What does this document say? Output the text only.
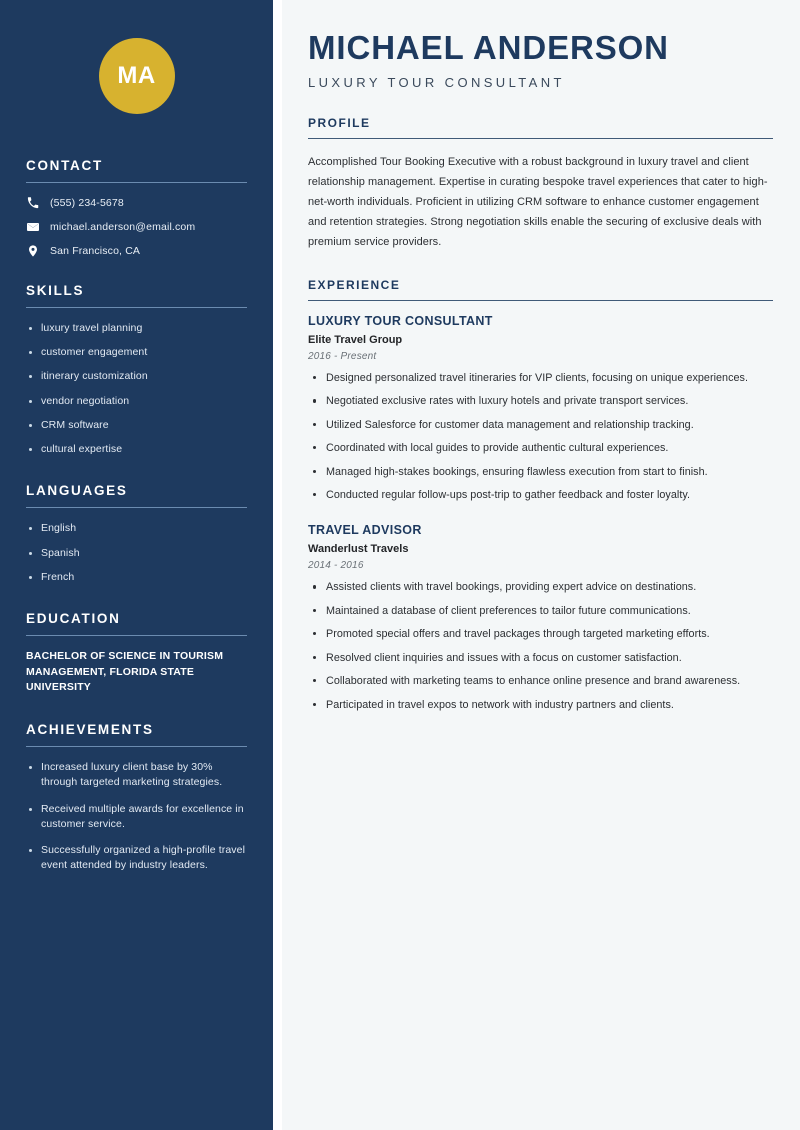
MA
CONTACT
(555) 234-5678
michael.anderson@email.com
San Francisco, CA
SKILLS
luxury travel planning
customer engagement
itinerary customization
vendor negotiation
CRM software
cultural expertise
LANGUAGES
English
Spanish
French
EDUCATION
BACHELOR OF SCIENCE IN TOURISM MANAGEMENT, FLORIDA STATE UNIVERSITY
ACHIEVEMENTS
Increased luxury client base by 30% through targeted marketing strategies.
Received multiple awards for excellence in customer service.
Successfully organized a high-profile travel event attended by industry leaders.
MICHAEL ANDERSON
LUXURY TOUR CONSULTANT
PROFILE

Accomplished Tour Booking Executive with a robust background in luxury travel and client relationship management. Expertise in curating bespoke travel experiences that cater to high-net-worth individuals. Proficient in utilizing CRM software to enhance customer engagement and retention strategies. Strong negotiation skills enable the securing of exclusive deals with premium service providers.

EXPERIENCE
LUXURY TOUR CONSULTANT
Elite Travel Group
2016 - Present
Designed personalized travel itineraries for VIP clients, focusing on unique experiences.
Negotiated exclusive rates with luxury hotels and private transport services.
Utilized Salesforce for customer data management and relationship tracking.
Coordinated with local guides to provide authentic cultural experiences.
Managed high-stakes bookings, ensuring flawless execution from start to finish.
Conducted regular follow-ups post-trip to gather feedback and foster loyalty.
TRAVEL ADVISOR
Wanderlust Travels
2014 - 2016
Assisted clients with travel bookings, providing expert advice on destinations.
Maintained a database of client preferences to tailor future communications.
Promoted special offers and travel packages through targeted marketing efforts.
Resolved client inquiries and issues with a focus on customer satisfaction.
Collaborated with marketing teams to enhance online presence and brand awareness.
Participated in travel expos to network with industry partners and clients.
